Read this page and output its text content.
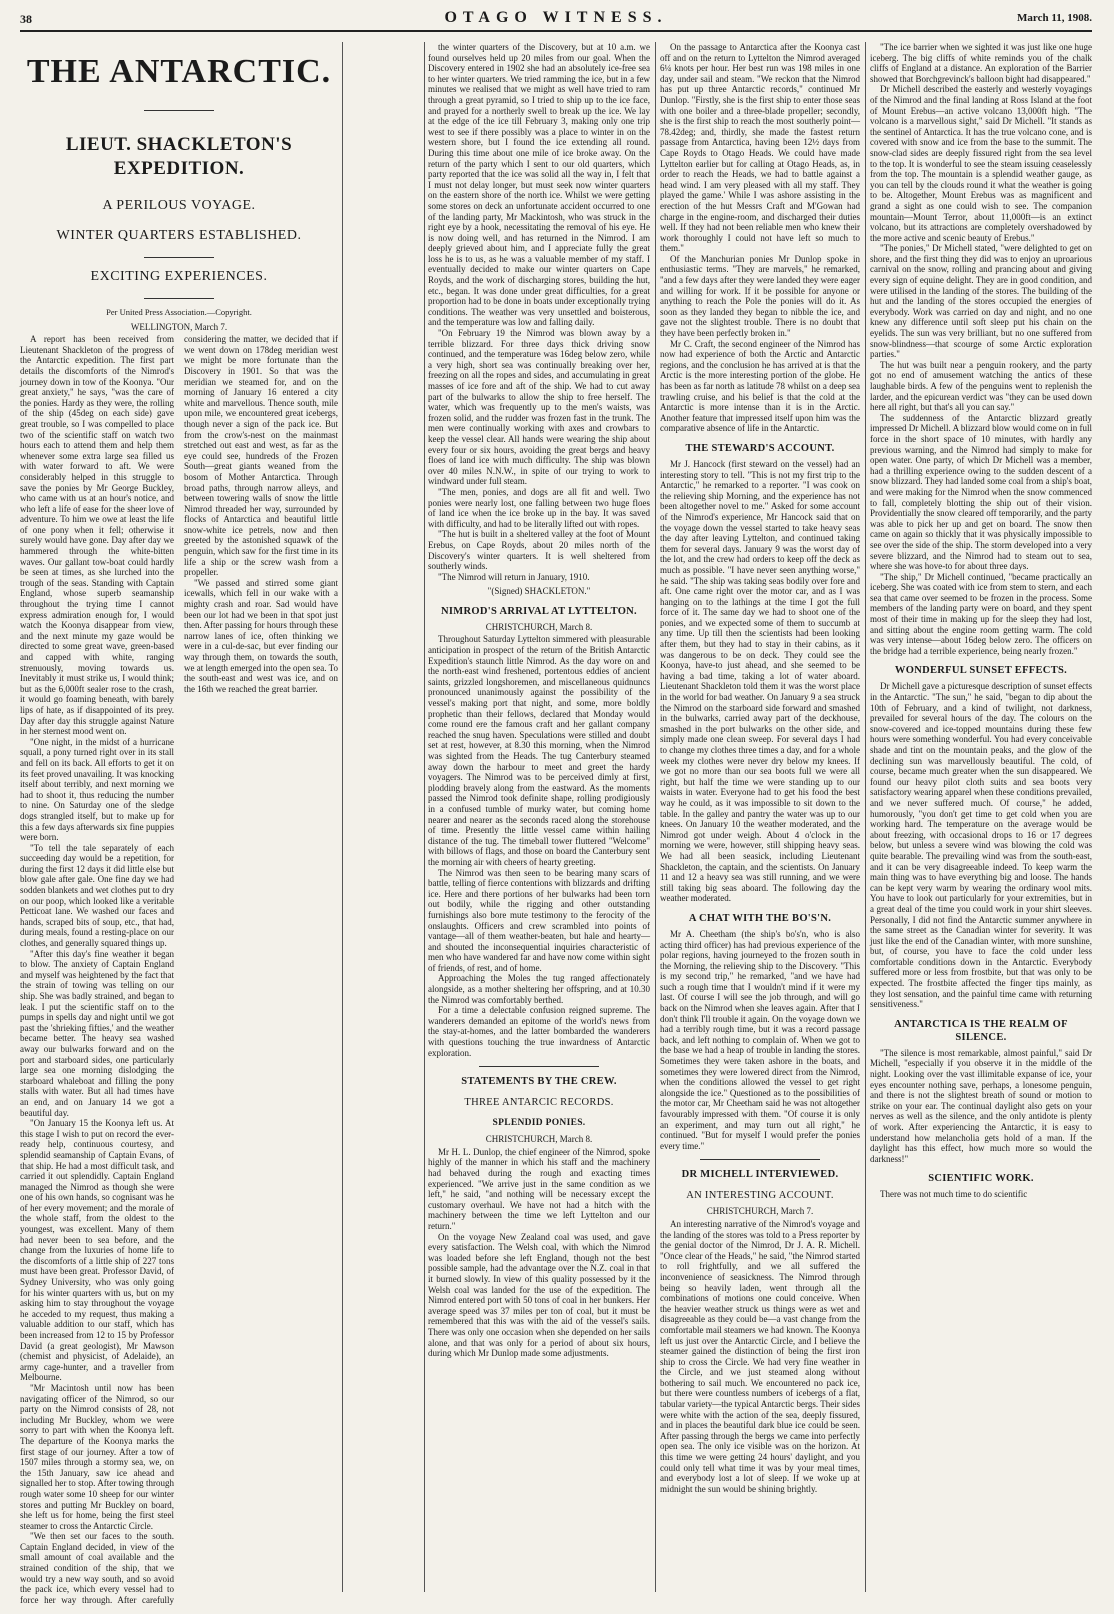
38	OTAGO WITNESS.	March 11, 1908.
THE ANTARCTIC.
LIEUT. SHACKLETON'S EXPEDITION.
A PERILOUS VOYAGE.
WINTER QUARTERS ESTABLISHED.
EXCITING EXPERIENCES.
Per United Press Association.—Copyright.
WELLINGTON, March 7.

A report has been received from Lieutenant Shackleton of the progress of the Antarctic expedition. The first part details the discomforts of the Nimrod's journey down in tow of the Koonya. "Our great anxiety," he says, "was the care of the ponies. Hardy as they were, the rolling of the ship (45deg on each side) gave great trouble, so I was compelled to place two of the scientific staff on watch two hours each to attend them and help them whenever some extra large sea filled us with water forward to aft. We were considerably helped in this struggle to save the ponies by Mr George Buckley, who came with us at an hour's notice, and who left a life of ease for the sheer love of adventure. To him we owe at least the life of one pony when it fell; otherwise it surely would have gone. Day after day we hammered through the white-bitten waves. Our gallant tow-boat could hardly be seen at times, as she lurched into the trough of the seas. Standing with Captain England, whose superb seamanship throughout the trying time I cannot express admiration enough for, I would watch the Koonya disappear from view, and the next minute my gaze would be directed to some great wave, green-based and capped with white, ranging strenuously, moving towards us. Inevitably it must strike us, I would think; but as the 6,000ft sealer rose to the crash, it would go foaming beneath, with barely lips of hate, as if disappointed of its prey. Day after day this struggle against Nature in her sternest mood went on.

"One night, in the midst of a hurricane squall, a pony turned right over in its stall and fell on its back. All efforts to get it on its feet proved unavailing. It was knocking itself about terribly, and next morning we had to shoot it, thus reducing the number to nine. On Saturday one of the sledge dogs strangled itself, but to make up for this a few days afterwards six fine puppies were born.

"To tell the tale separately of each succeeding day would be a repetition, for during the first 12 days it did little else but blow gale after gale. One fine day we had sodden blankets and wet clothes put to dry on our poop, which looked like a veritable Petticoat lane. We washed our faces and hands, scraped bits of soup, etc., that had, during meals, found a resting-place on our clothes, and generally squared things up.

"After this day's fine weather it began to blow. The anxiety of Captain England and myself was heightened by the fact that the strain of towing was telling on our ship. She was badly strained, and began to leak. I put the scientific staff on to the pumps in spells day and night until we got past the 'shrieking fifties,' and the weather became better. The heavy sea washed away our bulwarks forward and on the port and starboard sides, one particularly large sea one morning dislodging the starboard whaleboat and filling the pony stalls with water. But all had times have an end, and on January 14 we got a beautiful day.

"On January 15 the Koonya left us. At this stage I wish to put on record the ever-ready help, continuous courtesy, and splendid seamanship of Captain Evans, of that ship. He had a most difficult task, and carried it out splendidly. Captain England managed the Nimrod as though she were one of his own hands, so cognisant was he of her every movement; and the morale of the whole staff, from the oldest to the youngest, was excellent. Many of them had never been to sea before, and the change from the luxuries of home life to the discomforts of a little ship of 227 tons must have been great. Professor David, of Sydney University, who was only going for his winter quarters with us, but on my asking him to stay throughout the voyage he acceded to my request, thus making a valuable addition to our staff, which has been increased from 12 to 15 by Professor David (a great geologist), Mr Mawson (chemist and physicist, of Adelaide), an army cage-hunter, and a traveller from Melbourne.

"Mr Macintosh until now has been navigating officer of the Nimrod, so our party on the Nimrod consists of 28, not including Mr Buckley, whom we were sorry to part with when the Koonya left. The departure of the Koonya marks the first stage of our journey. After a tow of 1507 miles through a stormy sea, we, on the 15th January, saw ice ahead and signalled her to stop. After towing through rough water some 10 sheep for our winter stores and putting Mr Buckley on board, she left us for home, being the first steel steamer to cross the Antarctic Circle.

"We then set our faces to the south. Captain England decided, in view of the small amount of coal available and the strained condition of the ship, that we would try a new way south, and so avoid the pack ice, which every vessel had to force her way through. After carefully considering the matter, we decided that if we went down on 178deg meridian west we might be more fortunate than the Discovery in 1901. So that was the meridian we steamed for, and on the morning of January 16 entered a city white and marvellous. Thence south, mile upon mile, we encountered great icebergs, though never a sign of the pack ice. But from the crow's-nest on the mainmast stretched out east and west, as far as the eye could see, hundreds of the Frozen South—great giants weaned from the bosom of Mother Antarctica. Through broad paths, through narrow alleys, and between towering walls of snow the little Nimrod threaded her way, surrounded by flocks of Antarctica and beautiful little snow-white ice petrels, now and then greeted by the astonished squawk of the penguin, which saw for the first time in its life a ship or the screw wash from a propeller.

"We passed and stirred some giant icewalls, which fell in our wake with a mighty crash and roar. Sad would have been our lot had we been in that spot just then. After passing for hours through these narrow lanes of ice, often thinking we were in a cul-de-sac, but ever finding our way through them, on towards the south, we at length emerged into the open sea. To the south-east and west was ice, and on the 16th we reached the great barrier.

the winter quarters of the Discovery, but at 10 a.m. we found ourselves held up 20 miles from our goal. When the Discovery entered in 1902 she had an absolutely ice-free sea to her winter quarters. We tried ramming the ice, but in a few minutes we realised that we might as well have tried to ram through a great pyramid, so I tried to ship up to the ice face, and prayed for a northerly swell to break up the ice. We lay at the edge of the ice till February 3, making only one trip west to see if there possibly was a place to winter in on the western shore, but I found the ice extending all round. During this time about one mile of ice broke away. On the return of the party which I sent to our old quarters, which party reported that the ice was solid all the way in, I felt that I must not delay longer, but must seek now winter quarters on the eastern shore of the north ice. Whilst we were getting some stores on deck an unfortunate accident occurred to one of the landing party, Mr Mackintosh, who was struck in the right eye by a hook, necessitating the removal of his eye. He is now doing well, and has returned in the Nimrod. I am deeply grieved about him, and I appreciate fully the great loss he is to us, as he was a valuable member of my staff. I eventually decided to make our winter quarters on Cape Royds, and the work of discharging stores, building the hut, etc., began. It was done under great difficulties, for a great proportion had to be done in boats under exceptionally trying conditions. The weather was very unsettled and boisterous, and the temperature was low and falling daily.

"On February 19 the Nimrod was blown away by a terrible blizzard. For three days thick driving snow continued, and the temperature was 16deg below zero, while a very high, short sea was continually breaking over her, freezing on all the ropes and sides, and accumulating in great masses of ice fore and aft of the ship. We had to cut away part of the bulwarks to allow the ship to free herself. The water, which was frequently up to the men's waists, was frozen solid, and the rudder was frozen fast in the trunk. The men were continually working with axes and crowbars to keep the vessel clear. All hands were wearing the ship about every four or six hours, avoiding the great bergs and heavy floes of land ice with much difficulty. The ship was blown over 40 miles N.N.W., in spite of our trying to work to windward under full steam.

"The men, ponies, and dogs are all fit and well. Two ponies were nearly lost, one falling between two huge floes of land ice when the ice broke up in the bay. It was saved with difficulty, and had to be literally lifted out with ropes.

"The hut is built in a sheltered valley at the foot of Mount Erebus, on Cape Royds, about 20 miles north of the Discovery's winter quarters. It is well sheltered from southerly winds.

"The Nimrod will return in January, 1910.

"(Signed) SHACKLETON."

NIMROD'S ARRIVAL AT LYTTELTON.
CHRISTCHURCH, March 8.

Throughout Saturday Lyttelton simmered with pleasurable anticipation in prospect of the return of the British Antarctic Expedition's staunch little Nimrod. As the day wore on and the north-east wind freshened, portentous eddies of ancient saints, grizzled longshoremen, and miscellaneous quidnuncs pronounced unanimously against the possibility of the vessel's making port that night, and some, more boldly prophetic than their fellows, declared that Monday would come round ere the famous craft and her gallant company reached the snug haven. Speculations were stilled and doubt set at rest, however, at 8.30 this morning, when the Nimrod was sighted from the Heads. The tug Canterbury steamed away down the harbour to meet and greet the hardy voyagers. The Nimrod was to be perceived dimly at first, plodding bravely along from the eastward. As the moments passed the Nimrod took definite shape, rolling prodigiously in a confused tumble of murky water, but coming home nearer and nearer as the seconds raced along the storehouse of time. Presently the little vessel came within hailing distance of the tug. The timeball tower fluttered "Welcome" with billows of flags, and those on board the Canterbury sent the morning air with cheers of hearty greeting.

The Nimrod was then seen to be bearing many scars of battle, telling of fierce contentions with blizzards and drifting ice. Here and there portions of her bulwarks had been torn out bodily, while the rigging and other outstanding furnishings also bore mute testimony to the ferocity of the onslaughts. Officers and crew scrambled into points of vantage—all of them weather-beaten, but hale and hearty—and shouted the inconsequential inquiries characteristic of men who have wandered far and have now come within sight of friends, of rest, and of home.

Approaching the Moles the tug ranged affectionately alongside, as a mother sheltering her offspring, and at 10.30 the Nimrod was comfortably berthed.

For a time a delectable confusion reigned supreme. The wanderers demanded an epitome of the world's news from the stay-at-homes, and the latter bombarded the wanderers with questions touching the true inwardness of Antarctic exploration.

STATEMENTS BY THE CREW.
THREE ANTARCIC RECORDS.
SPLENDID PONIES.
CHRISTCHURCH, March 8.

Mr H. L. Dunlop, the chief engineer of the Nimrod, spoke highly of the manner in which his staff and the machinery had behaved during the rough and exacting times experienced. "We arrive just in the same condition as we left," he said, "and nothing will be necessary except the customary overhaul. We have not had a hitch with the machinery between the time we left Lyttelton and our return."

On the voyage New Zealand coal was used, and gave every satisfaction. The Welsh coal, with which the Nimrod was loaded before she left England, though not the best possible sample, had the advantage over the N.Z. coal in that it burned slowly. In view of this quality possessed by it the Welsh coal was landed for the use of the expedition. The Nimrod entered port with 50 tons of coal in her bunkers. Her average speed was 37 miles per ton of coal, but it must be remembered that this was with the aid of the vessel's sails. There was only one occasion when she depended on her sails alone, and that was only for a period of about six hours, during which Mr Dunlop made some adjustments.

On the passage to Antarctica after the Koonya cast off and on the return to Lyttelton the Nimrod averaged 6¼ knots per hour. Her best run was 198 miles in one day, under sail and steam. "We reckon that the Nimrod has put up three Antarctic records," continued Mr Dunlop. "Firstly, she is the first ship to enter those seas with one boiler and a three-blade propeller; secondly, she is the first ship to reach the most southerly point—78.42deg; and, thirdly, she made the fastest return passage from Antarctica, having been 12½ days from Cape Royds to Otago Heads. We could have made Lyttelton earlier but for calling at Otago Heads, as, in order to reach the Heads, we had to battle against a head wind. I am very pleased with all my staff. They played the game.' While I was ashore assisting in the erection of the hut Messrs Craft and M'Gowan had charge in the engine-room, and discharged their duties well. If they had not been reliable men who knew their work thoroughly I could not have left so much to them."

Of the Manchurian ponies Mr Dunlop spoke in enthusiastic terms. "They are marvels," he remarked, "and a few days after they were landed they were eager and willing for work. If it be possible for anyone or anything to reach the Pole the ponies will do it. As soon as they landed they began to nibble the ice, and gave not the slightest trouble. There is no doubt that they have been perfectly broken in."

Mr C. Craft, the second engineer of the Nimrod has now had experience of both the Arctic and Antarctic regions, and the conclusion he has arrived at is that the Arctic is the more interesting portion of the globe. He has been as far north as latitude 78 whilst on a deep sea trawling cruise, and his belief is that the cold at the Antarctic is more intense than it is in the Arctic. Another feature that impressed itself upon him was the comparative absence of life in the Antarctic.

THE STEWARD'S ACCOUNT.

Mr J. Hancock (first steward on the vessel) had an interesting story to tell. "This is not my first trip to the Antarctic," he remarked to a reporter. "I was cook on the relieving ship Morning, and the experience has not been altogether novel to me." Asked for some account of the Nimrod's experience, Mr Hancock said that on the voyage down the vessel started to take heavy seas the day after leaving Lyttelton, and continued taking them for several days. January 9 was the worst day of the lot, and the crew had orders to keep off the deck as much as possible. "I have never seen anything worse," he said. "The ship was taking seas bodily over fore and aft. One came right over the motor car, and as I was hanging on to the lathings at the time I got the full force of it. The same day we had to shoot one of the ponies, and we expected some of them to succumb at any time. Up till then the scientists had been looking after them, but they had to stay in their cabins, as it was dangerous to be on deck. They could see the Koonya, have-to just ahead, and she seemed to be having a bad time, taking a lot of water aboard. Lieutenant Shackleton told them it was the worst place in the world for bad weather. On January 9 a sea struck the Nimrod on the starboard side forward and smashed in the bulwarks, carried away part of the deckhouse, smashed in the port bulwarks on the other side, and simply made one clean sweep. For several days I had to change my clothes three times a day, and for a whole week my clothes were never dry below my knees. If we got no more than our sea boots full we were all right, but half the time we were standing up to our waists in water. Everyone had to get his food the best way he could, as it was impossible to sit down to the table. In the galley and pantry the water was up to our knees. On January 10 the weather moderated, and the Nimrod got under weigh. About 4 o'clock in the morning we were, however, still shipping heavy seas. We had all been seasick, including Lieutenant Shackleton, the captain, and the scientists. On January 11 and 12 a heavy sea was still running, and we were still taking big seas aboard. The following day the weather moderated.

A CHAT WITH THE BO'S'N.

Mr A. Cheetham (the ship's bo's'n, who is also acting third officer) has had previous experience of the polar regions, having journeyed to the frozen south in the Morning, the relieving ship to the Discovery. "This is my second trip," he remarked, "and we have had such a rough time that I wouldn't mind if it were my last. Of course I will see the job through, and will go back on the Nimrod when she leaves again. After that I don't think I'll trouble it again. On the voyage down we had a terribly rough time, but it was a record passage back, and left nothing to complain of. When we got to the base we had a heap of trouble in landing the stores. Sometimes they were taken ashore in the boats, and sometimes they were lowered direct from the Nimrod, when the conditions allowed the vessel to get right alongside the ice." Questioned as to the possibilities of the motor car, Mr Cheetham said he was not altogether favourably impressed with them. "Of course it is only an experiment, and may turn out all right," he continued. "But for myself I would prefer the ponies every time."

DR MICHELL INTERVIEWED.
AN INTERESTING ACCOUNT.
CHRISTCHURCH, March 7.

An interesting narrative of the Nimrod's voyage and the landing of the stores was told to a Press reporter by the genial doctor of the Nimrod, Dr J. A. R. Michell. "Once clear of the Heads," he said, "the Nimrod started to roll frightfully, and we all suffered the inconvenience of seasickness. The Nimrod through being so heavily laden, went through all the combinations of motions one could conceive. When the heavier weather struck us things were as wet and disagreeable as they could be—a vast change from the comfortable mail steamers we had known. The Koonya left us just over the Antarctic Circle, and I believe the steamer gained the distinction of being the first iron ship to cross the Circle. We had very fine weather in the Circle, and we just steamed along without bothering to sail much. We encountered no pack ice, but there were countless numbers of icebergs of a flat, tabular variety—the typical Antarctic bergs. Their sides were white with the action of the sea, deeply fissured, and in places the beautiful dark blue ice could be seen. After passing through the bergs we came into perfectly open sea. The only ice visible was on the horizon. At this time we were getting 24 hours' daylight, and you could only tell what time it was by your meal times, and everybody lost a lot of sleep. If we woke up at midnight the sun would be shining brightly.

"The ice barrier when we sighted it was just like one huge iceberg. The big cliffs of white reminds you of the chalk cliffs of England at a distance. An exploration of the Barrier showed that Borchgrevinck's balloon bight had disappeared."

Dr Michell described the easterly and westerly voyagings of the Nimrod and the final landing at Ross Island at the foot of Mount Erebus—an active volcano 13,000ft high. "The volcano is a marvellous sight," said Dr Michell. "It stands as the sentinel of Antarctica. It has the true volcano cone, and is covered with snow and ice from the base to the summit. The snow-clad sides are deeply fissured right from the sea level to the top. It is wonderful to see the steam issuing ceaselessly from the top. The mountain is a splendid weather gauge, as you can tell by the clouds round it what the weather is going to be. Altogether, Mount Erebus was as magnificent and grand a sight as one could wish to see. The companion mountain—Mount Terror, about 11,000ft—is an extinct volcano, but its attractions are completely overshadowed by the more active and scenic beauty of Erebus."

"The ponies," Dr Michell stated, "were delighted to get on shore, and the first thing they did was to enjoy an uproarious carnival on the snow, rolling and prancing about and giving every sign of equine delight. They are in good condition, and were utilised in the landing of the stores. The building of the hut and the landing of the stores occupied the energies of everybody. Work was carried on day and night, and no one knew any difference until soft sleep put his chain on the eyelids. The sun was very brilliant, but no one suffered from snow-blindness—that scourge of some Arctic exploration parties."

The hut was built near a penguin rookery, and the party got no end of amusement watching the antics of these laughable birds. A few of the penguins went to replenish the larder, and the epicurean verdict was "they can be used down here all right, but that's all you can say."

The suddenness of the Antarctic blizzard greatly impressed Dr Michell. A blizzard blow would come on in full force in the short space of 10 minutes, with hardly any previous warning, and the Nimrod had simply to make for open water. One party, of which Dr Michell was a member, had a thrilling experience owing to the sudden descent of a snow blizzard. They had landed some coal from a ship's boat, and were making for the Nimrod when the snow commenced to fall, completely blotting the ship out of their vision. Providentially the snow cleared off temporarily, and the party was able to pick her up and get on board. The snow then came on again so thickly that it was physically impossible to see over the side of the ship. The storm developed into a very severe blizzard, and the Nimrod had to steam out to sea, where she was hove-to for about three days.

"The ship," Dr Michell continued, "became practically an iceberg. She was coated with ice from stem to stern, and each sea that came over seemed to be frozen in the process. Some members of the landing party were on board, and they spent most of their time in making up for the sleep they had lost, and sitting about the engine room getting warm. The cold was very intense—about 16deg below zero. The officers on the bridge had a terrible experience, being nearly frozen."

WONDERFUL SUNSET EFFECTS.

Dr Michell gave a picturesque description of sunset effects in the Antarctic. "The sun," he said, "began to dip about the 10th of February, and a kind of twilight, not darkness, prevailed for several hours of the day. The colours on the snow-covered and ice-topped mountains during these few hours were something wonderful. You had every conceivable shade and tint on the mountain peaks, and the glow of the declining sun was marvellously beautiful. The cold, of course, became much greater when the sun disappeared. We found our heavy pilot cloth suits and sea boots very satisfactory wearing apparel when these conditions prevailed, and we never suffered much. Of course," he added, humorously, "you don't get time to get cold when you are working hard. The temperature on the average would be about freezing, with occasional drops to 16 or 17 degrees below, but unless a severe wind was blowing the cold was quite bearable. The prevailing wind was from the south-east, and it can be very disagreeable indeed. To keep warm the main thing was to have everything big and loose. The hands can be kept very warm by wearing the ordinary wool mits. You have to look out particularly for your extremities, but in a great deal of the time you could work in your shirt sleeves. Personally, I did not find the Antarctic summer anywhere in the same street as the Canadian winter for severity. It was just like the end of the Canadian winter, with more sunshine, but, of course, you have to face the cold under less comfortable conditions down in the Antarctic. Everybody suffered more or less from frostbite, but that was only to be expected. The frostbite affected the finger tips mainly, as they lost sensation, and the painful time came with returning sensitiveness."

ANTARCTICA IS THE REALM OF SILENCE.

"The silence is most remarkable, almost painful," said Dr Michell, "especially if you observe it in the middle of the night. Looking over the vast illimitable expanse of ice, your eyes encounter nothing save, perhaps, a lonesome penguin, and there is not the slightest breath of sound or motion to strike on your ear. The continual daylight also gets on your nerves as well as the silence, and the only antidote is plenty of work. After experiencing the Antarctic, it is easy to understand how melancholia gets hold of a man. If the daylight has this effect, how much more so would the darkness!"

SCIENTIFIC WORK.

There was not much time to do scientific
